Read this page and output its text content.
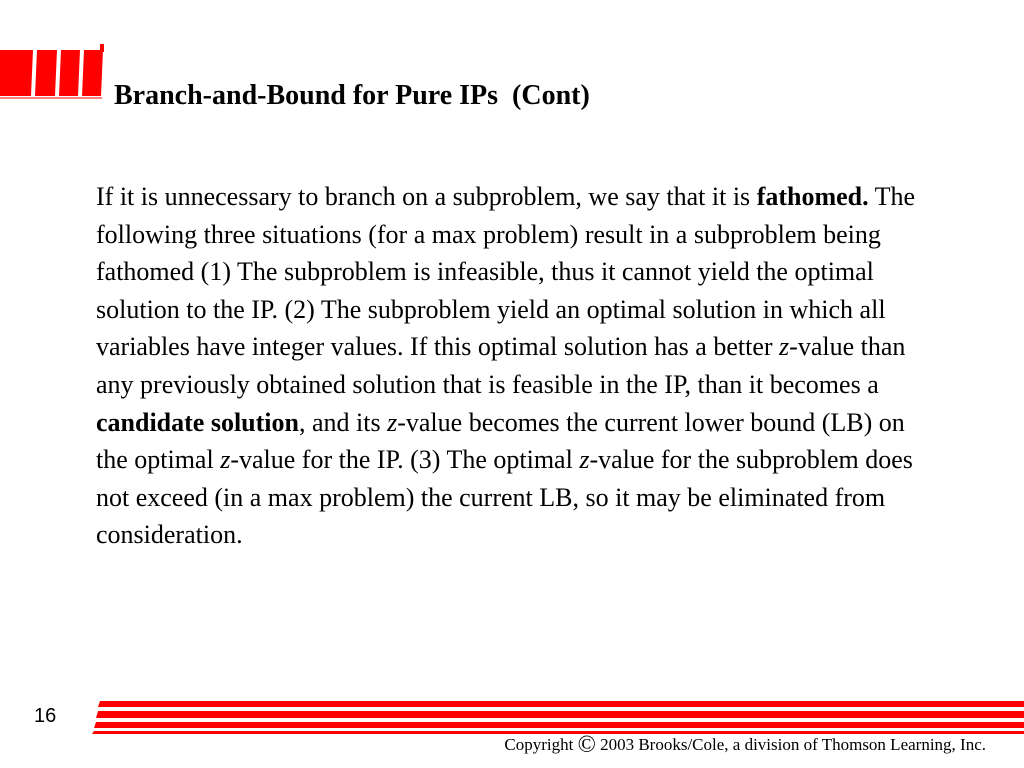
Branch-and-Bound for Pure IPs  (Cont)

If it is unnecessary to branch on a subproblem, we say that it is fathomed. The following three situations (for a max problem) result in a subproblem being fathomed (1) The subproblem is infeasible, thus it cannot yield the optimal solution to the IP. (2) The subproblem yield an optimal solution in which all variables have integer values. If this optimal solution has a better z-value than any previously obtained solution that is feasible in the IP, than it becomes a candidate solution, and its z-value becomes the current lower bound (LB) on the optimal z-value for the IP. (3) The optimal z-value for the subproblem does not exceed (in a max problem) the current LB, so it may be eliminated from consideration.

16
Copyright © 2003 Brooks/Cole, a division of Thomson Learning, Inc.
